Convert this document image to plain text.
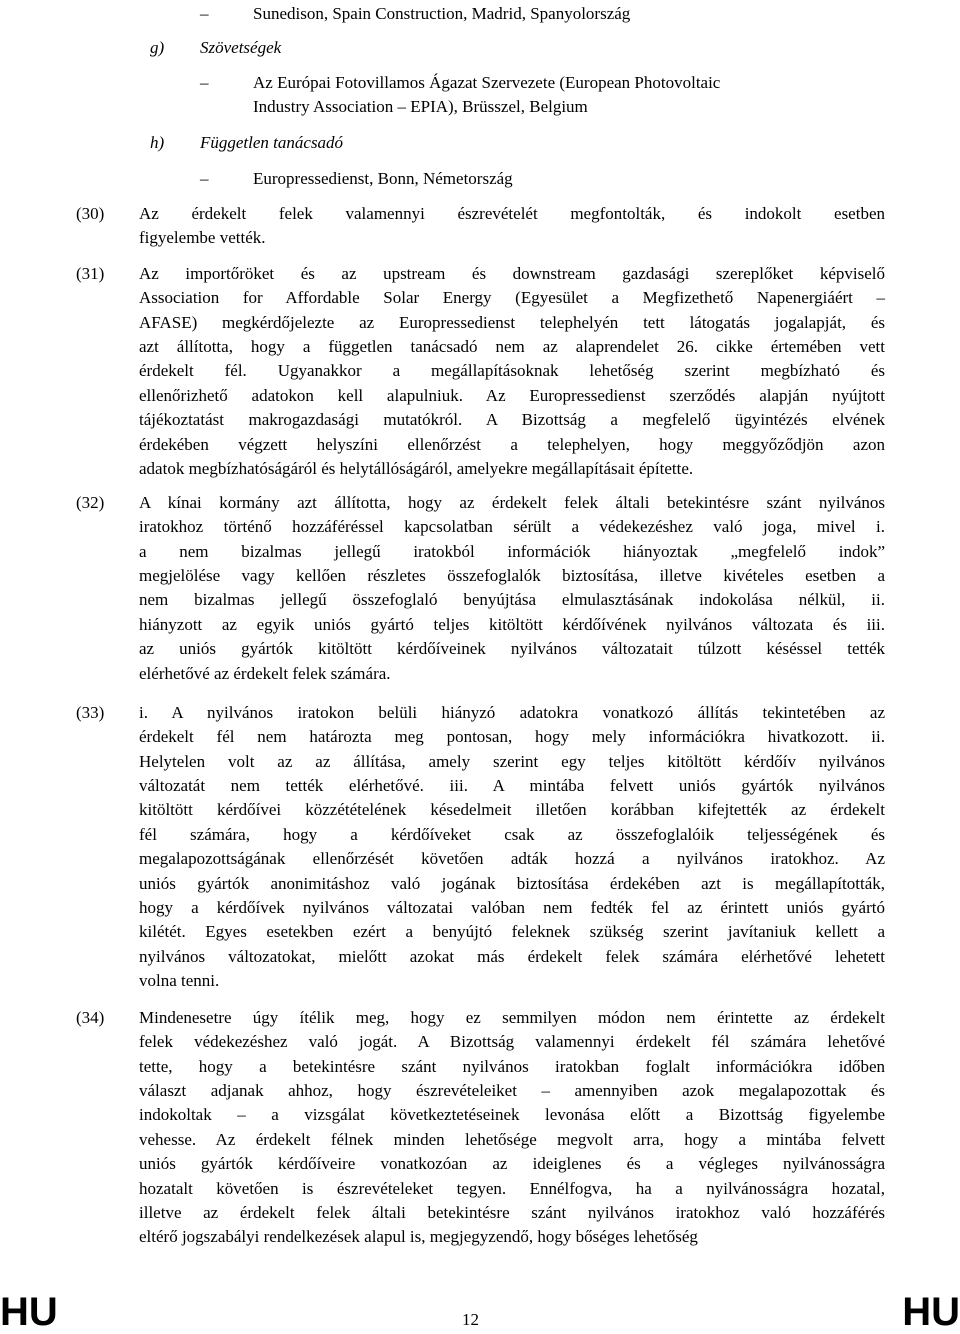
–	Sunedison, Spain Construction, Madrid, Spanyolország
g) Szövetségek
–	Az Európai Fotovillamos Ágazat Szervezete (European Photovoltaic
Industry Association – EPIA), Brüsszel, Belgium
h) Független tanácsadó
–	Europressedienst, Bonn, Németország
(30) Az érdekelt felek valamennyi észrevételét megfontolták, és indokolt esetben
figyelembe vették.
(31) Az importőröket és az upstream és downstream gazdasági szereplőket képviselő
Association for Affordable Solar Energy (Egyesület a Megfizethető Napenergiáért –
AFASE) megkérdőjelezte az Europressedienst telephelyén tett látogatás jogalapját, és
azt állította, hogy a független tanácsadó nem az alaprendelet 26. cikke értemében vett
érdekelt fél. Ugyanakkor a megállapításoknak lehetőség szerint megbízható és
ellenőrizhető adatokon kell alapulniuk. Az Europressedienst szerződés alapján nyújtott
tájékoztatást makrogazdasági mutatókról. A Bizottság a megfelelő ügyintézés elvének
érdekében végzett helyszíni ellenőrzést a telephelyen, hogy meggyőződjön azon
adatok megbízhatóságáról és helytállóságáról, amelyekre megállapításait építette.
(32) A kínai kormány azt állította, hogy az érdekelt felek általi betekintésre szánt nyilvános
iratokhoz történő hozzáféréssel kapcsolatban sérült a védekezéshez való joga, mivel i.
a nem bizalmas jellegű iratokból információk hiányoztak „megfelelő indok”
megjelölése vagy kellően részletes összefoglalók biztosítása, illetve kivételes esetben a
nem bizalmas jellegű összefoglaló benyújtása elmulasztásának indokolása nélkül, ii.
hiányzott az egyik uniós gyártó teljes kitöltött kérdőívének nyilvános változata és iii.
az uniós gyártók kitöltött kérdőíveinek nyilvános változatait túlzott késéssel tették
elérhetővé az érdekelt felek számára.
(33) i. A nyilvános iratokon belüli hiányzó adatokra vonatkozó állítás tekintetében az
érdekelt fél nem határozta meg pontosan, hogy mely információkra hivatkozott. ii.
Helytelen volt az az állítása, amely szerint egy teljes kitöltött kérdőív nyilvános
változatát nem tették elérhetővé. iii. A mintába felvett uniós gyártók nyilvános
kitöltött kérdőívei közzétételének késedelmeit illetően korábban kifejtették az érdekelt
fél számára, hogy a kérdőíveket csak az összefoglalóik teljességének és
megalapozottságának ellenőrzését követően adták hozzá a nyilvános iratokhoz. Az
uniós gyártók anonimitáshoz való jogának biztosítása érdekében azt is megállapították,
hogy a kérdőívek nyilvános változatai valóban nem fedték fel az érintett uniós gyártó
kilétét. Egyes esetekben ezért a benyújtó feleknek szükség szerint javítaniuk kellett a
nyilvános változatokat, mielőtt azokat más érdekelt felek számára elérhetővé lehetett
volna tenni.
(34) Mindenesetre úgy ítélik meg, hogy ez semmilyen módon nem érintette az érdekelt
felek védekezéshez való jogát. A Bizottság valamennyi érdekelt fél számára lehetővé
tette, hogy a betekintésre szánt nyilvános iratokban foglalt információkra időben
választ adjanak ahhoz, hogy észrevételeiket – amennyiben azok megalapozottak és
indokoltak – a vizsgálat következtetéseinek levonása előtt a Bizottság figyelembe
vehesse. Az érdekelt félnek minden lehetősége megvolt arra, hogy a mintába felvett
uniós gyártók kérdőíveire vonatkozóan az ideiglenes és a végleges nyilvánosságra
hozatalt követően is észrevételeket tegyen. Ennélfogva, ha a nyilvánosságra hozatal,
illetve az érdekelt felek általi betekintésre szánt nyilvános iratokhoz való hozzáférés
eltérő jogszabályi rendelkezések alapul is, megjegyzendő, hogy bőséges lehetőség
HU	12	HU
